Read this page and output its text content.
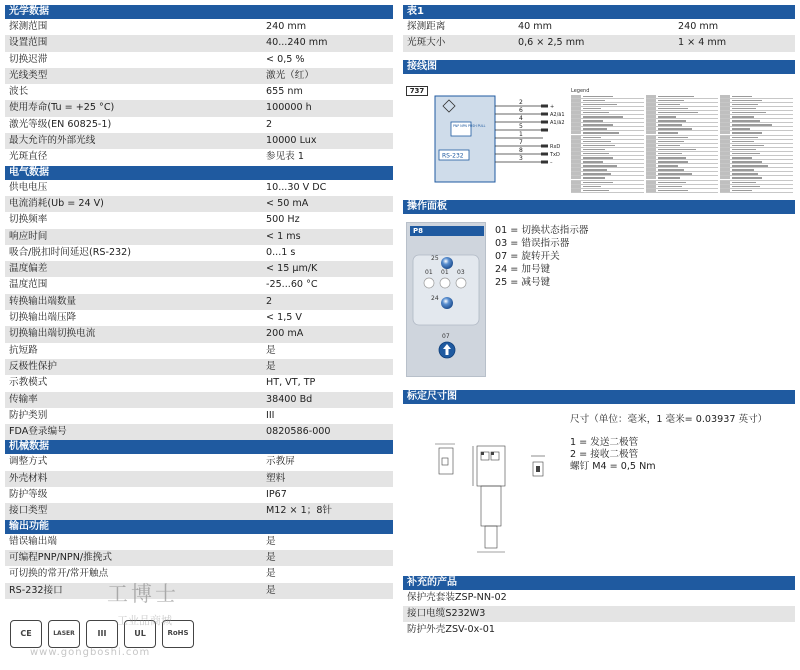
光学数据
探测范围	240 mm
设置范围	40...240 mm
切换迟滞	< 0,5 %
光线类型	激光（红）
波长	655 nm
使用寿命(Tu = +25 °C)	100000 h
激光等级(EN 60825-1)	2
最大允许的外部光线	10000 Lux
光斑直径	参见表 1
电气数据
供电电压	10...30 V DC
电流消耗(Ub = 24 V)	< 50 mA
切换频率	500 Hz
响应时间	< 1 ms
吸合/脱扣时间延迟(RS-232)	0...1 s
温度偏差	< 15 µm/K
温度范围	-25...60 °C
转换输出端数量	2
切换输出端压降	< 1,5 V
切换输出端切换电流	200 mA
抗短路	是
反极性保护	是
示教模式	HT, VT, TP
传输率	38400 Bd
防护类别	III
FDA登录编号	0820586-000
机械数据
调整方式	示教屏
外壳材料	塑料
防护等级	IP67
接口类型	M12 × 1；8针
输出功能
错误输出端	是
可编程PNP/NPN/推挽式	是
可切换的常开/常开触点	是
RS-232接口	是
表1
探测距离	40 mm	240 mm
光斑大小	0,6 × 2,5 mm	1 × 4 mm
接线图
737
PNP NPN PUSH PULL
RS-232
2
6
4
5
1
7
8
3
+
A2/ā1
A1/ā2
RxD
TxD
–
Legend
操作面板
P8
25
01 01 03
24
07
01 = 切换状态指示器
03 = 错误指示器
07 = 旋转开关
24 = 加号键
25 = 减号键
标定尺寸图
尺寸（单位：毫米，1 毫米= 0.03937 英寸）
1 = 发送二极管
2 = 接收二极管
螺钉 M4 = 0,5 Nm
补充的产品
保护壳套装ZSP-NN-02
接口电缆S232W3
防护外壳ZSV-0x-01
CE	LASER	III	UL	RoHS
工博士
工业品商城
www.gongboshi.com
